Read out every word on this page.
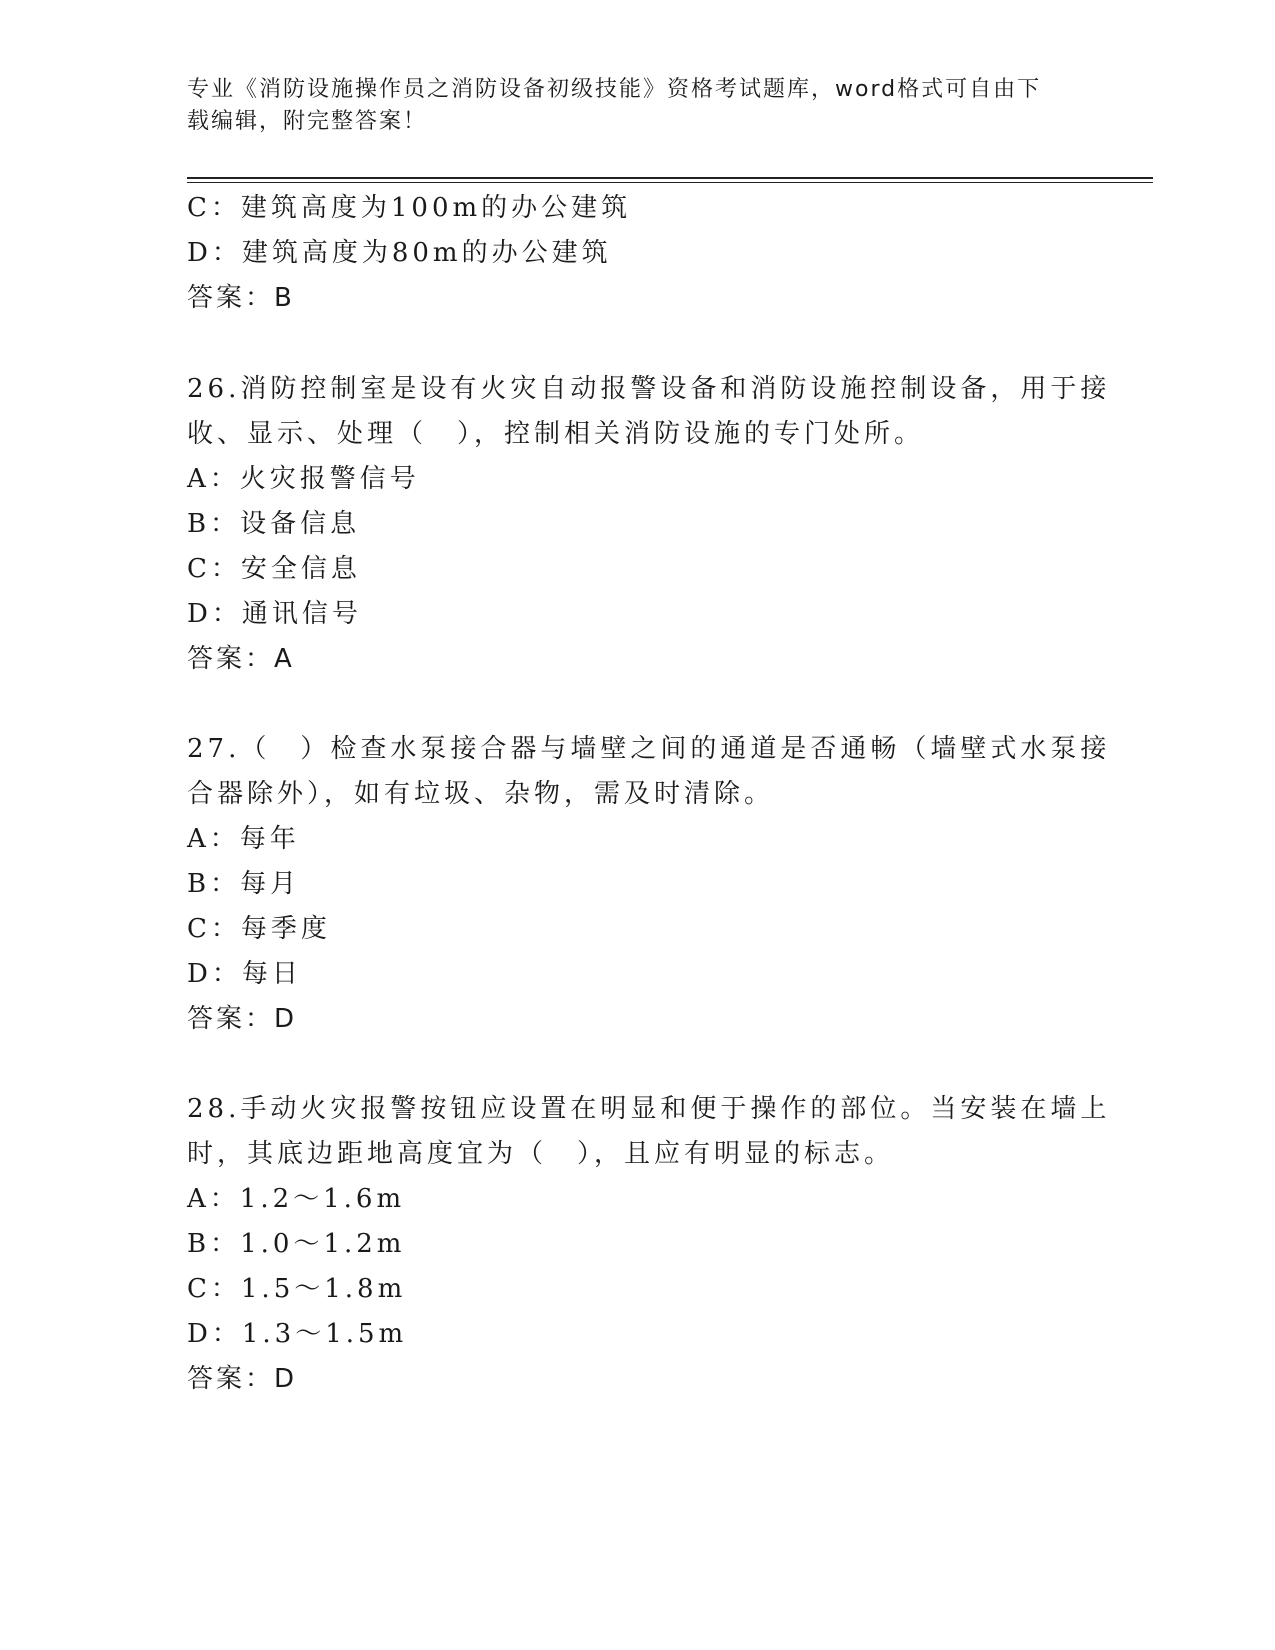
专业《消防设施操作员之消防设备初级技能》资格考试题库，word格式可自由下
载编辑，附完整答案！
C：建筑高度为100m的办公建筑
D：建筑高度为80m的办公建筑
答案：B
26.消防控制室是设有火灾自动报警设备和消防设施控制设备，用于接
收、显示、处理（　），控制相关消防设施的专门处所。
A：火灾报警信号
B：设备信息
C：安全信息
D：通讯信号
答案：A
27.（　）检查水泵接合器与墙壁之间的通道是否通畅（墙壁式水泵接
合器除外），如有垃圾、杂物，需及时清除。
A：每年
B：每月
C：每季度
D：每日
答案：D
28.手动火灾报警按钮应设置在明显和便于操作的部位。当安装在墙上
时，其底边距地高度宜为（　），且应有明显的标志。
A：1.2～1.6m
B：1.0～1.2m
C：1.5～1.8m
D：1.3～1.5m
答案：D
